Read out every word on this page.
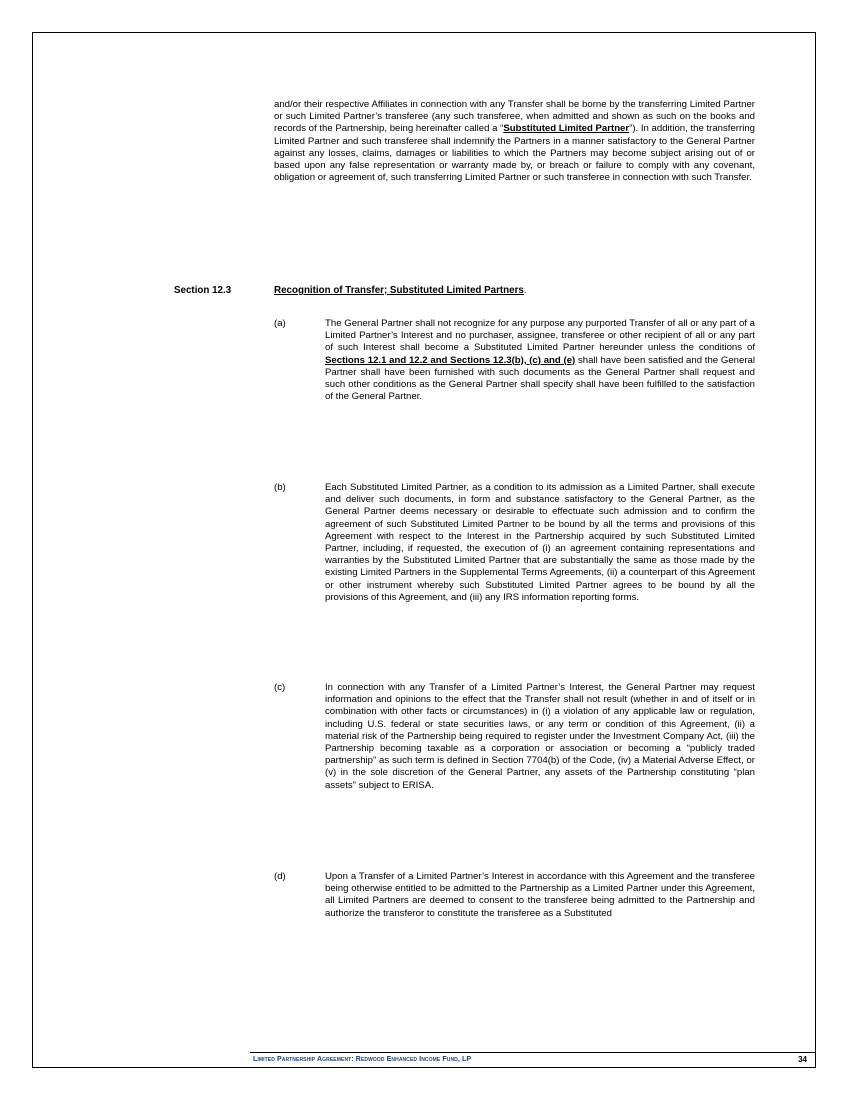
and/or their respective Affiliates in connection with any Transfer shall be borne by the transferring Limited Partner or such Limited Partner’s transferee (any such transferee, when admitted and shown as such on the books and records of the Partnership, being hereinafter called a “Substituted Limited Partner”). In addition, the transferring Limited Partner and such transferee shall indemnify the Partners in a manner satisfactory to the General Partner against any losses, claims, damages or liabilities to which the Partners may become subject arising out of or based upon any false representation or warranty made by, or breach or failure to comply with any covenant, obligation or agreement of, such transferring Limited Partner or such transferee in connection with such Transfer.

Section 12.3	Recognition of Transfer; Substituted Limited Partners.
(a)	The General Partner shall not recognize for any purpose any purported Transfer of all or any part of a Limited Partner’s Interest and no purchaser, assignee, transferee or other recipient of all or any part of such Interest shall become a Substituted Limited Partner hereunder unless the conditions of Sections 12.1 and 12.2 and Sections 12.3(b), (c) and (e) shall have been satisfied and the General Partner shall have been furnished with such documents as the General Partner shall request and such other conditions as the General Partner shall specify shall have been fulfilled to the satisfaction of the General Partner.

(b)	Each Substituted Limited Partner, as a condition to its admission as a Limited Partner, shall execute and deliver such documents, in form and substance satisfactory to the General Partner, as the General Partner deems necessary or desirable to effectuate such admission and to confirm the agreement of such Substituted Limited Partner to be bound by all the terms and provisions of this Agreement with respect to the Interest in the Partnership acquired by such Substituted Limited Partner, including, if requested, the execution of (i) an agreement containing representations and warranties by the Substituted Limited Partner that are substantially the same as those made by the existing Limited Partners in the Supplemental Terms Agreements, (ii) a counterpart of this Agreement or other instrument whereby such Substituted Limited Partner agrees to be bound by all the provisions of this Agreement, and (iii) any IRS information reporting forms.

(c)	In connection with any Transfer of a Limited Partner’s Interest, the General Partner may request information and opinions to the effect that the Transfer shall not result (whether in and of itself or in combination with other facts or circumstances) in (i) a violation of any applicable law or regulation, including U.S. federal or state securities laws, or any term or condition of this Agreement, (ii) a material risk of the Partnership being required to register under the Investment Company Act, (iii) the Partnership becoming taxable as a corporation or association or becoming a “publicly traded partnership” as such term is defined in Section 7704(b) of the Code, (iv) a Material Adverse Effect, or (v) in the sole discretion of the General Partner, any assets of the Partnership constituting “plan assets” subject to ERISA.

(d)	Upon a Transfer of a Limited Partner’s Interest in accordance with this Agreement and the transferee being otherwise entitled to be admitted to the Partnership as a Limited Partner under this Agreement, all Limited Partners are deemed to consent to the transferee being admitted to the Partnership and authorize the transferor to constitute the transferee as a Substituted

Limited Partnership Agreement: Redwood Enhanced Income Fund, LP	34
